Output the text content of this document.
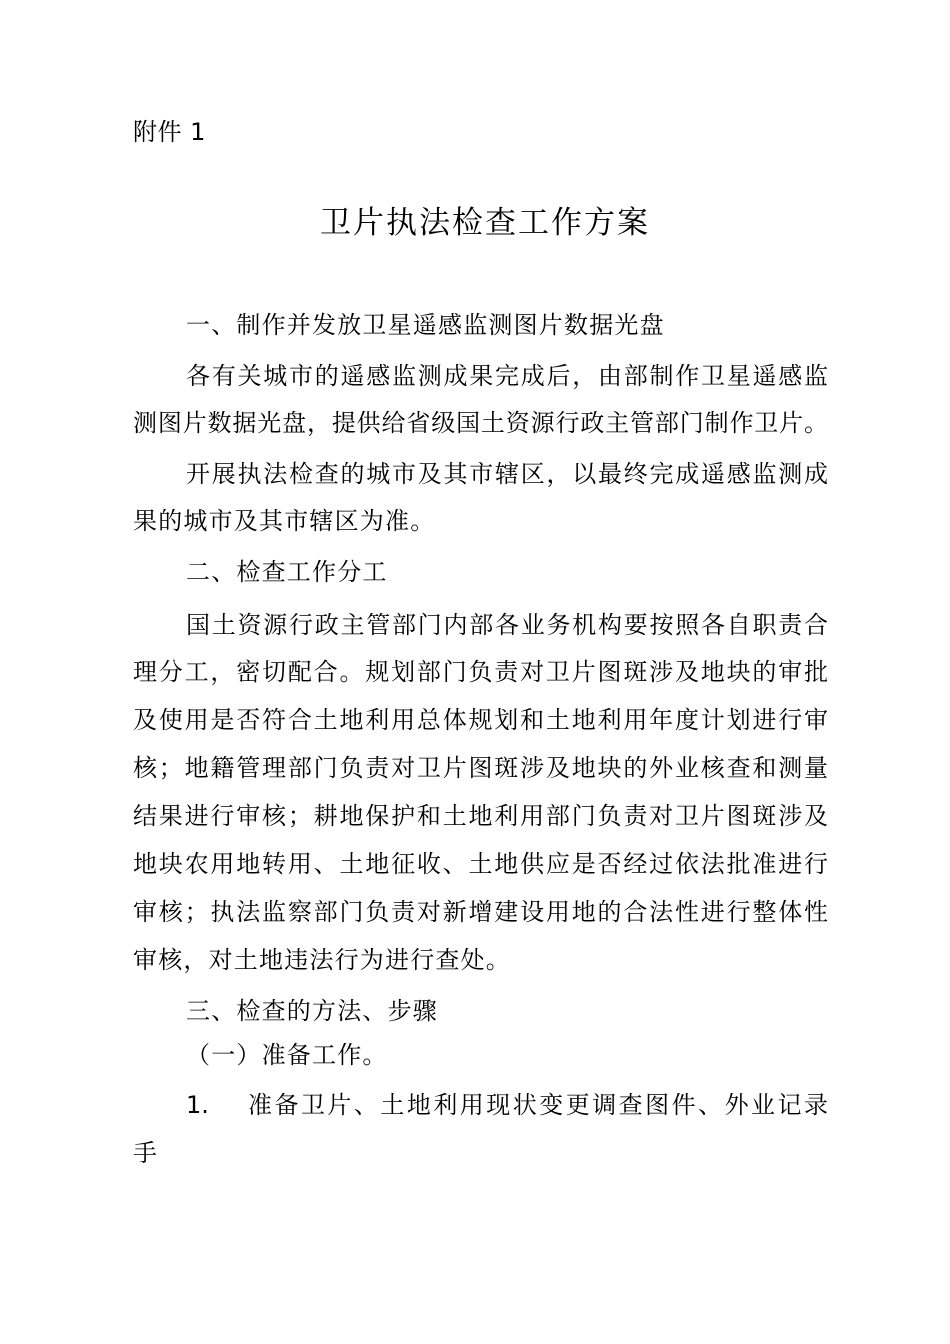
附件 1
卫片执法检查工作方案
一、制作并发放卫星遥感监测图片数据光盘
各有关城市的遥感监测成果完成后，由部制作卫星遥感监
测图片数据光盘，提供给省级国土资源行政主管部门制作卫片。
开展执法检查的城市及其市辖区，以最终完成遥感监测成
果的城市及其市辖区为准。
二、检查工作分工
国土资源行政主管部门内部各业务机构要按照各自职责合
理分工，密切配合。规划部门负责对卫片图斑涉及地块的审批
及使用是否符合土地利用总体规划和土地利用年度计划进行审
核；地籍管理部门负责对卫片图斑涉及地块的外业核查和测量
结果进行审核；耕地保护和土地利用部门负责对卫片图斑涉及
地块农用地转用、土地征收、土地供应是否经过依法批准进行
审核；执法监察部门负责对新增建设用地的合法性进行整体性
审核，对土地违法行为进行查处。
三、检查的方法、步骤
（一）准备工作。
1. 准备卫片、土地利用现状变更调查图件、外业记录
手
